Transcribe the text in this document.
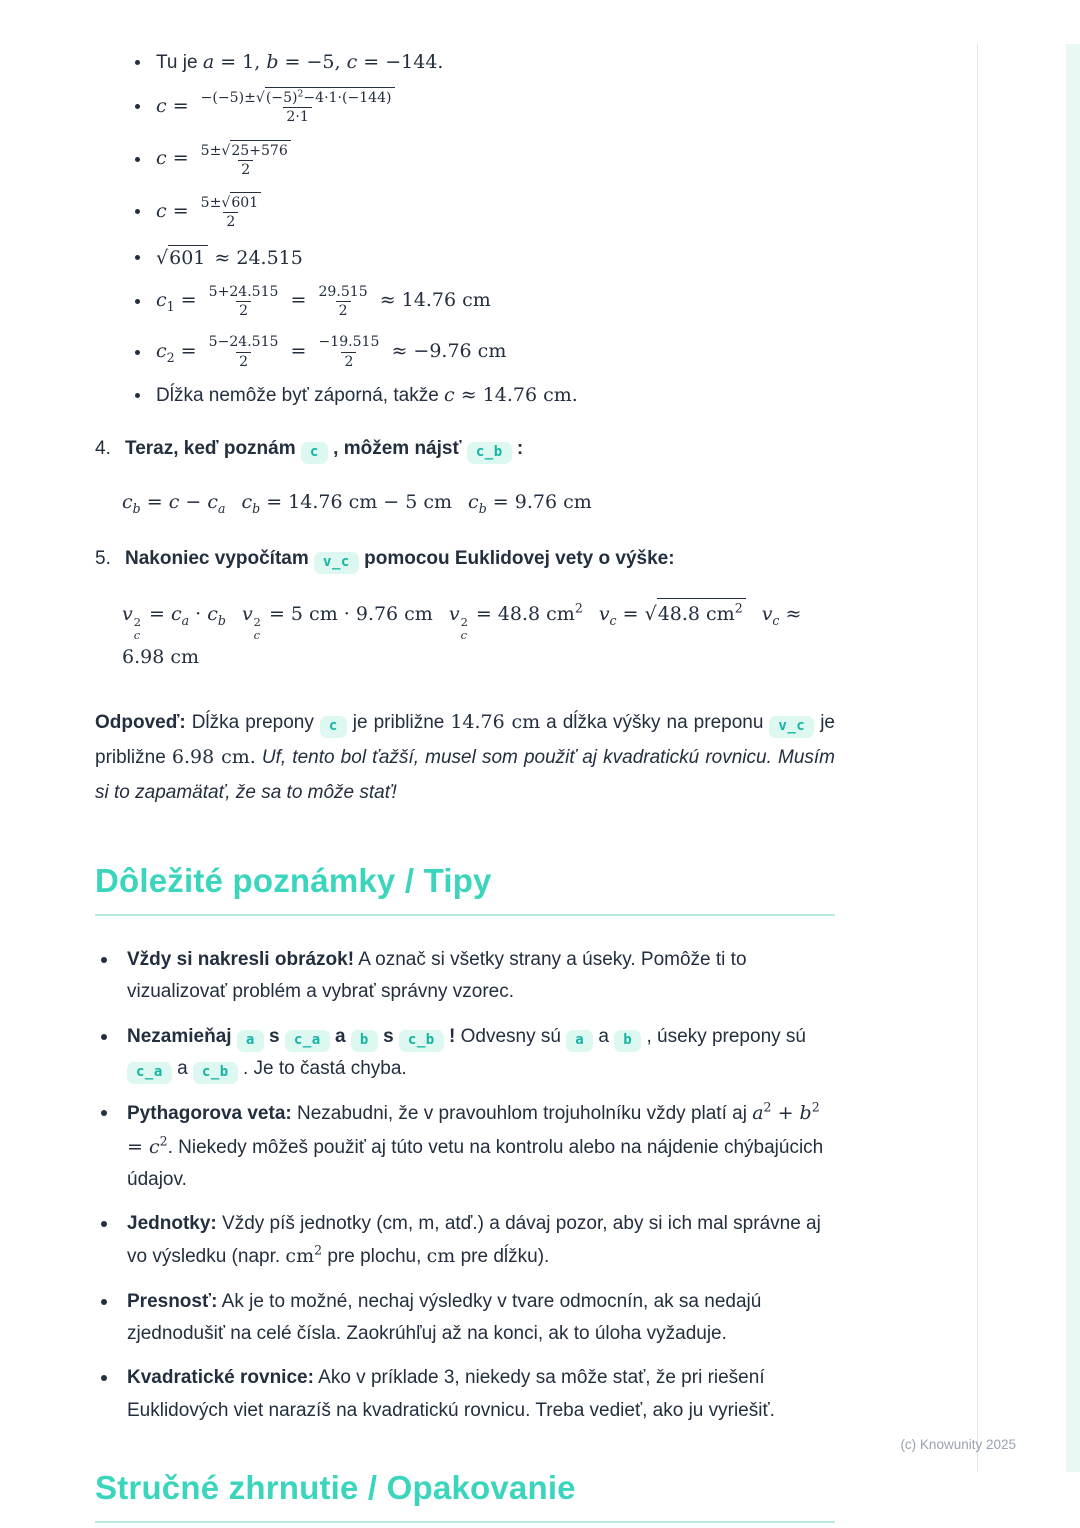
Tu je a = 1, b = −5, c = −144.
$c = \frac{-(-5)\pm √ (-5)^2-4\cdot 1\cdot(-144)}{2\cdot 1}$
$c = \frac{5\pm √ 25+576}{2}$
$c = \frac{5\pm √ 601}{2}$
√ 601 ≈ 24.515
$c_1 = \frac{5+24.515}{2} = \frac{29.515}{2} \approx 14.76$ cm
$c_2 = \frac{5-24.515}{2} = \frac{-19.515}{2} \approx -9.76$ cm
Dĺžka nemôže byť záporná, takže c ≈ 14.76 cm.
4. Teraz, keď poznám c , môžem nájsť c_b :

$c_b = c - c_a$ $c_b = 14.76$ cm − 5 cm $c_b = 9.76$ cm

5. Nakoniec vypočítam v_c pomocou Euklidovej vety o výške:

v 2
c
= $c_a \cdot c_b$ v 2
c
= 5 cm · 9.76 cm v 2
c
= 48.8 $cm^2$ $v_c$ = √ 48.8 $cm^2$ $v_c \approx 6.98$ cm

Odpoveď: Dĺžka prepony c je približne 14.76 cm a dĺžka výšky na preponu v_c je približne 6.98 cm. Uf, tento bol ťažší, musel som použiť aj kvadratickú rovnicu. Musím si to zapamätať, že sa to môže stať!

Dôležité poznámky / Tipy
Vždy si nakresli obrázok! A označ si všetky strany a úseky. Pomôže ti to vizualizovať problém a vybrať správny vzorec.
Nezamieňaj a s c_a a b s c_b ! Odvesny sú a a b , úseky prepony sú c_a a c_b . Je to častá chyba.
Pythagorova veta: Nezabudni, že v pravouhlom trojuholníku vždy platí aj $a^2 + b^2 = c^2$. Niekedy môžeš použiť aj túto vetu na kontrolu alebo na nájdenie chýbajúcich údajov.
Jednotky: Vždy píš jednotky (cm, m, atď.) a dávaj pozor, aby si ich mal správne aj vo výsledku (napr. $cm^2$ pre plochu, cm pre dĺžku).
Presnosť: Ak je to možné, nechaj výsledky v tvare odmocnín, ak sa nedajú zjednodušiť na celé čísla. Zaokrúhľuj až na konci, ak to úloha vyžaduje.
Kvadratické rovnice: Ako v príklade 3, niekedy sa môže stať, že pri riešení Euklidových viet narazíš na kvadratickú rovnicu. Treba vedieť, ako ju vyriešiť.
Stručné zhrnutie / Opakovanie
(c) Knowunity 2025
